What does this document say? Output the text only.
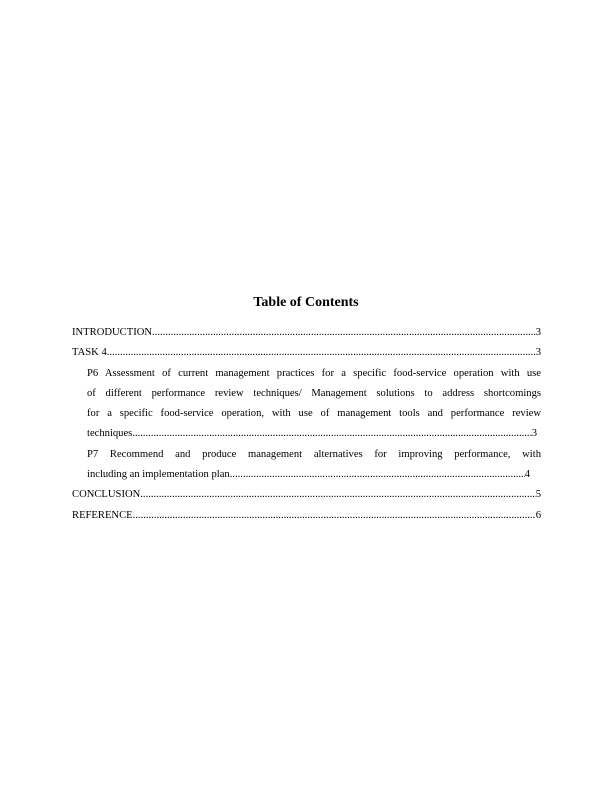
Table of Contents
INTRODUCTION .....	3
TASK 4 .....	3
P6 Assessment of current management practices for a specific food-service operation with use
of different performance review techniques/ Management solutions to address shortcomings
for a specific food-service operation, with use of management tools and performance review
techniques .....	3
P7 Recommend and produce management alternatives for improving performance, with
including an implementation plan .....	4
CONCLUSION .....	5
REFERENCE .....	6
